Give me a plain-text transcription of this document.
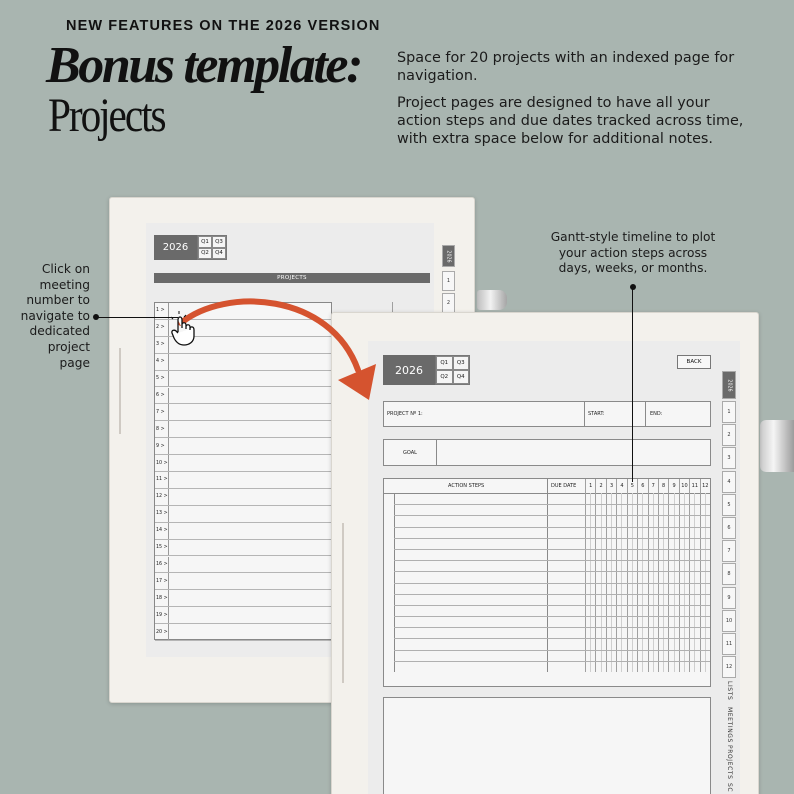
NEW FEATURES ON THE 2026 VERSION
Bonus template:
Projects
Space for 20 projects with an indexed page for navigation.
Project pages are designed to have all your action steps and due dates tracked across time, with extra space below for additional notes.
Click on meeting number to navigate to dedicated project page
Gantt-style timeline to plot your action steps across days, weeks, or months.
2026
Q1	Q3
Q2	Q4
PROJECTS
1 >
2 >
3 >
4 >
5 >
6 >
7 >
8 >
9 >
10 >
11 >
12 >
13 >
14 >
15 >
16 >
17 >
18 >
19 >
20 >
2026
1
2
2026
Q1	Q3
Q2	Q4
BACK
PROJECT Nº 1:	START:	END:
GOAL
ACTION STEPS	DUE DATE	1	2	3	4	5	6	7	8	9	10 11 12
2026
1
2
3
4
5
6
7
8
9
10
11
12
LISTS
MEETINGS
PROJECTS
SC
